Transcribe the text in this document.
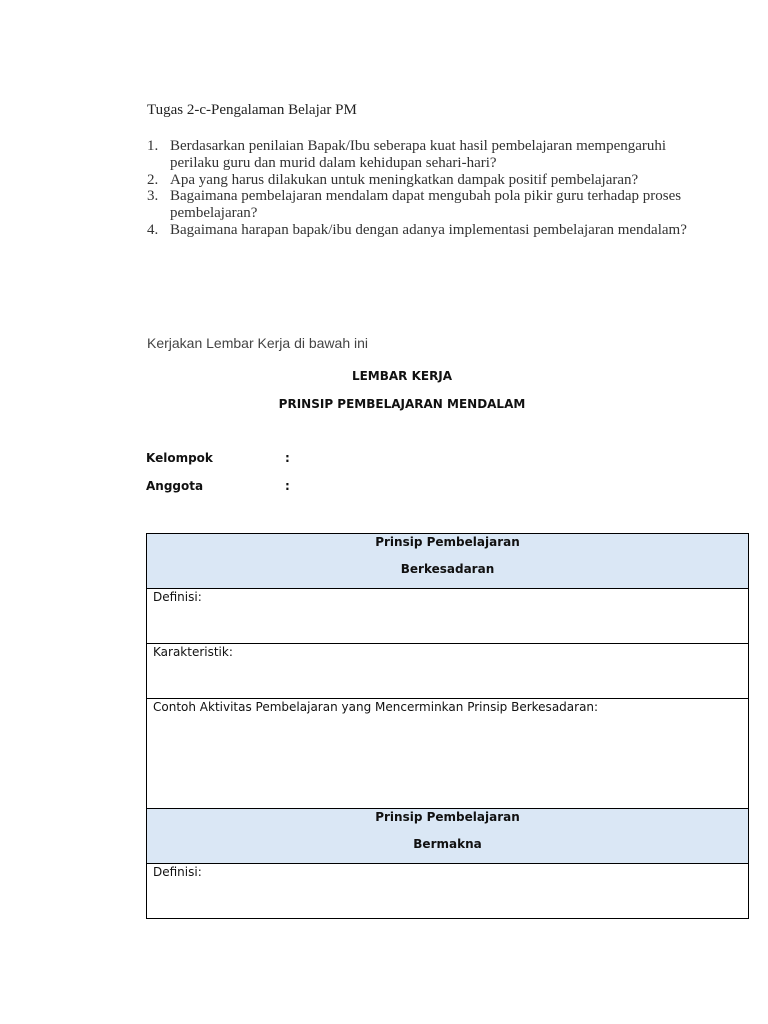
Tugas 2-c-Pengalaman Belajar PM
1. Berdasarkan penilaian Bapak/Ibu seberapa kuat hasil pembelajaran mempengaruhi perilaku guru dan murid dalam kehidupan sehari-hari?
2. Apa yang harus dilakukan untuk meningkatkan dampak positif pembelajaran?
3. Bagaimana pembelajaran mendalam dapat mengubah pola pikir guru terhadap proses pembelajaran?
4. Bagaimana harapan bapak/ibu dengan adanya implementasi pembelajaran mendalam?
Kerjakan Lembar Kerja di bawah ini
LEMBAR KERJA
PRINSIP PEMBELAJARAN MENDALAM
Kelompok	:
Anggota	:
Prinsip Pembelajaran
Berkesadaran

Definisi:

Karakteristik:

Contoh Aktivitas Pembelajaran yang Mencerminkan Prinsip Berkesadaran:

Prinsip Pembelajaran
Bermakna

Definisi:
